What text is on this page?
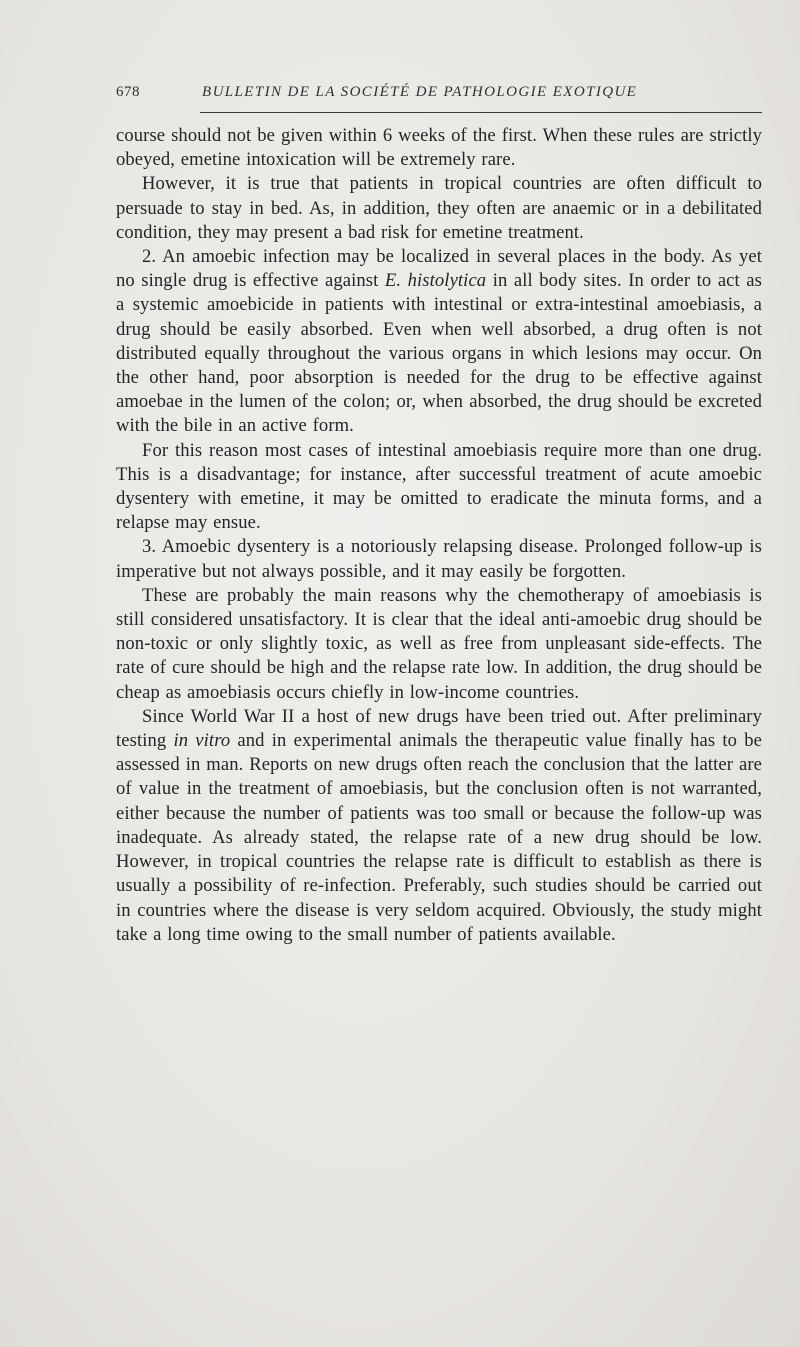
678	BULLETIN DE LA SOCIÉTÉ DE PATHOLOGIE EXOTIQUE

course should not be given within 6 weeks of the first. When these rules are strictly obeyed, emetine intoxication will be extremely rare.

However, it is true that patients in tropical countries are often difficult to persuade to stay in bed. As, in addition, they often are anaemic or in a debilitated condition, they may present a bad risk for emetine treatment.

2. An amoebic infection may be localized in several places in the body. As yet no single drug is effective against E. histolytica in all body sites. In order to act as a systemic amoebicide in patients with intestinal or extra-intestinal amoebiasis, a drug should be easily absorbed. Even when well absorbed, a drug often is not distributed equally throughout the various organs in which lesions may occur. On the other hand, poor absorption is needed for the drug to be effective against amoebae in the lumen of the colon; or, when absorbed, the drug should be excreted with the bile in an active form.

For this reason most cases of intestinal amoebiasis require more than one drug. This is a disadvantage; for instance, after successful treatment of acute amoebic dysentery with emetine, it may be omitted to eradicate the minuta forms, and a relapse may ensue.

3. Amoebic dysentery is a notoriously relapsing disease. Prolonged follow-up is imperative but not always possible, and it may easily be forgotten.

These are probably the main reasons why the chemotherapy of amoebiasis is still considered unsatisfactory. It is clear that the ideal anti-amoebic drug should be non-toxic or only slightly toxic, as well as free from unpleasant side-effects. The rate of cure should be high and the relapse rate low. In addition, the drug should be cheap as amoebiasis occurs chiefly in low-income countries.

Since World War II a host of new drugs have been tried out. After preliminary testing in vitro and in experimental animals the therapeutic value finally has to be assessed in man. Reports on new drugs often reach the conclusion that the latter are of value in the treatment of amoebiasis, but the conclusion often is not warranted, either because the number of patients was too small or because the follow-up was inadequate. As already stated, the relapse rate of a new drug should be low. However, in tropical countries the relapse rate is difficult to establish as there is usually a possibility of re-infection. Preferably, such studies should be carried out in countries where the disease is very seldom acquired. Obviously, the study might take a long time owing to the small number of patients available.
